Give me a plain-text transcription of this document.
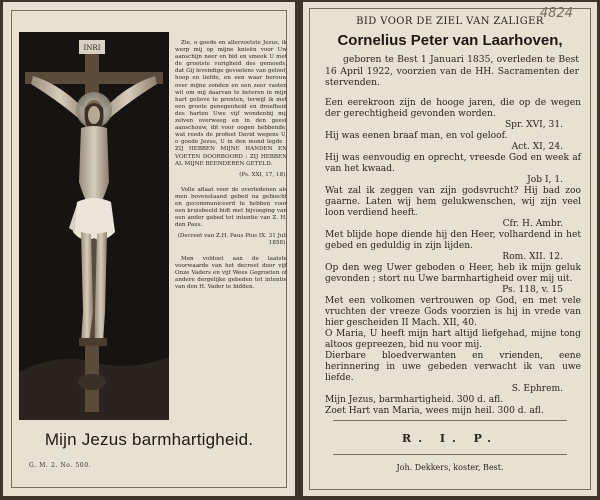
INRI

Zie, o goede en allerzoetste Jezus, ik werp mij op mijne knieën voor Uw aanschijn neer en bid en smeek U met de grootste vurigheid des gemoeds, dat Gij levendige gevoelens van geloof, hoop en liefde, en een waar berouw over mijne zonden en een zeer vasten wil om mij daarvan te beteren in mijn hart gelieve te prenten, terwijl ik met een groote genegenheid en droefheid des harten Uwe vijf wondenbij mij zelven overweeg en in den geest aanschouw, dit voor oogen hebbende, wat reeds de profeet David wegens U, o goede Jezus, U in den mond legde : ZIJ HEBBEN MIJNE HANDEN EN VOETEN DOORBOORD : ZIJ HEBBEN AL MIJNE BEENDEREN GETELD.

(Ps. XXI, 17, 18).

Volle aflaat voor de overledenen als men bovenstaand gebed na gebiecht en gecommuniceerd te hebben voor een kruisbeeld bidt met bijvoeging van een ander gebed tot intentie van Z. H. den Paus.

(Decreet van Z.H. Paus Pius IX. 31 Juli 1858).

Men voldoet aan de laatste voorwaarde van het decreet door vijf Onze Vaders en vijf Wees Gegroeten of andere dergelijke gebeden tot intentie van den H. Vader te bidden.

Mijn Jezus barmhartigheid.
G. M. 2. No. 500.
4824
BID VOOR DE ZIEL VAN ZALIGER
Cornelius Peter van Laarhoven,
geboren te Best 1 Januari 1835, overleden te Best 16 April 1922, voorzien van de HH. Sacramenten der stervenden.
Een eerekroon zijn de hooge jaren, die op de wegen der gerechtigheid gevonden worden.
Spr. XVI, 31.
Hij was eenen braaf man, en vol geloof.
Act. XI, 24.
Hij was eenvoudig en oprecht, vreesde God en week af van het kwaad.
Job I, 1.
Wat zal ik zeggen van zijn godsvrucht? Hij bad zoo gaarne. Laten wij hem gelukwenschen, wij zijn veel loon verdiend heeft.
Cfr. H. Ambr.
Met blijde hope diende hij den Heer, volhardend in het gebed en geduldig in zijn lijden.
Rom. XII. 12.
Op den weg Uwer geboden o Heer, heb ik mijn geluk gevonden ; stort nu Uwe barmhartigheid over mij uit.
Ps. 118, v. 15
Met een volkomen vertrouwen op God, en met vele vruchten der vreeze Gods voorzien is hij in vrede van hier gescheiden II Mach. XII, 40.
O Maria, U heeft mijn hart altijd liefgehad, mijne tong altoos gepreezen, bid nu voor mij.
Dierbare bloedverwanten en vrienden, eene herinnering in uwe gebeden verwacht ik van uwe liefde.
S. Ephrem.
Mijn Jezus, barmhartigheid. 300 d. afl.
Zoet Hart van Maria, wees mijn heil. 300 d. afl.
R. I. P.
Joh. Dekkers, koster, Best.
